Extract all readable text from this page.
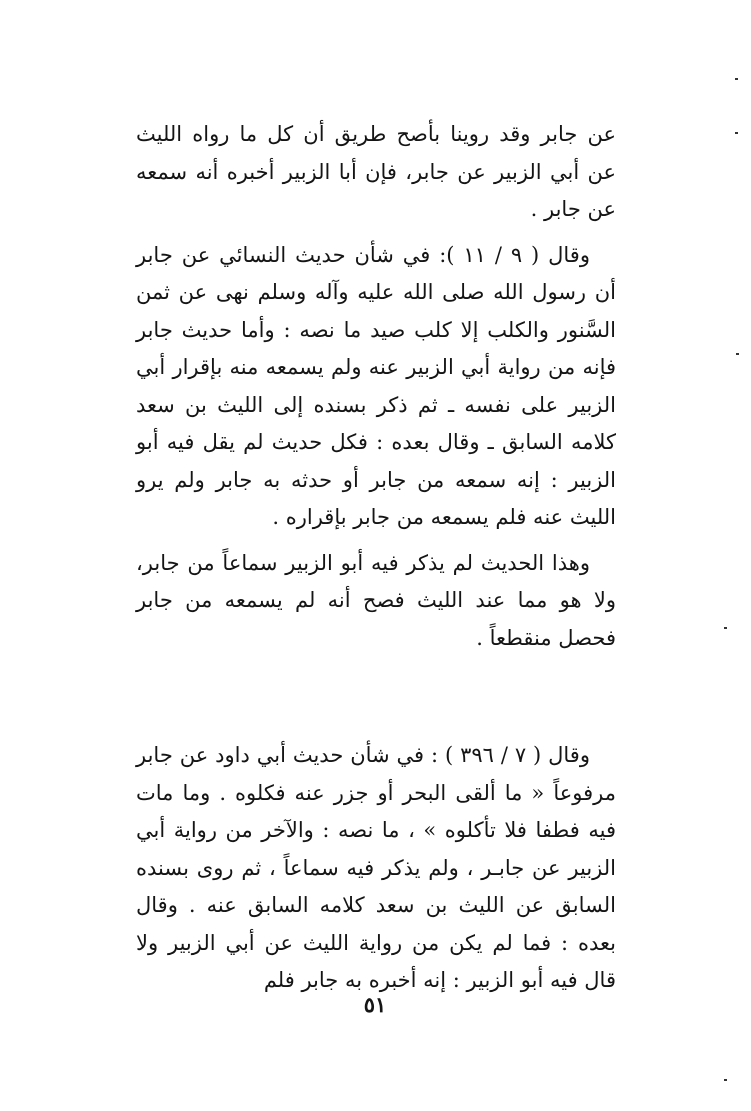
عن جابر وقد روينا بأصح طريق أن كل ما رواه الليث عن أبي الزبير عن جابر، فإن أبا الزبير أخبره أنه سمعه عن جابر .

وقال ( ٩ / ١١ ): في شأن حديث النسائي عن جابر أن رسول الله صلى الله عليه وآله وسلم نهى عن ثمن السَّنور والكلب إلا كلب صيد ما نصه : وأما حديث جابر فإنه من رواية أبي الزبير عنه ولم يسمعه منه بإقرار أبي الزبير على نفسه ـ ثم ذكر بسنده إلى الليث بن سعد كلامه السابق ـ وقال بعده : فكل حديث لم يقل فيه أبو الزبير : إنه سمعه من جابر أو حدثه به جابر ولم يرو الليث عنه فلم يسمعه من جابر بإقراره .

وهذا الحديث لم يذكر فيه أبو الزبير سماعاً من جابر، ولا هو مما عند الليث فصح أنه لم يسمعه من جابر فحصل منقطعاً .

وقال ( ٧ / ٣٩٦ ) : في شأن حديث أبي داود عن جابر مرفوعاً « ما ألقى البحر أو جزر عنه فكلوه . وما مات فيه فطفا فلا تأكلوه » ، ما نصه : والآخر من رواية أبي الزبير عن جابـر ، ولم يذكر فيه سماعاً ، ثم روى بسنده السابق عن الليث بن سعد كلامه السابق عنه . وقال بعده : فما لم يكن من رواية الليث عن أبي الزبير ولا قال فيه أبو الزبير : إنه أخبره به جابر فلم

٥١
